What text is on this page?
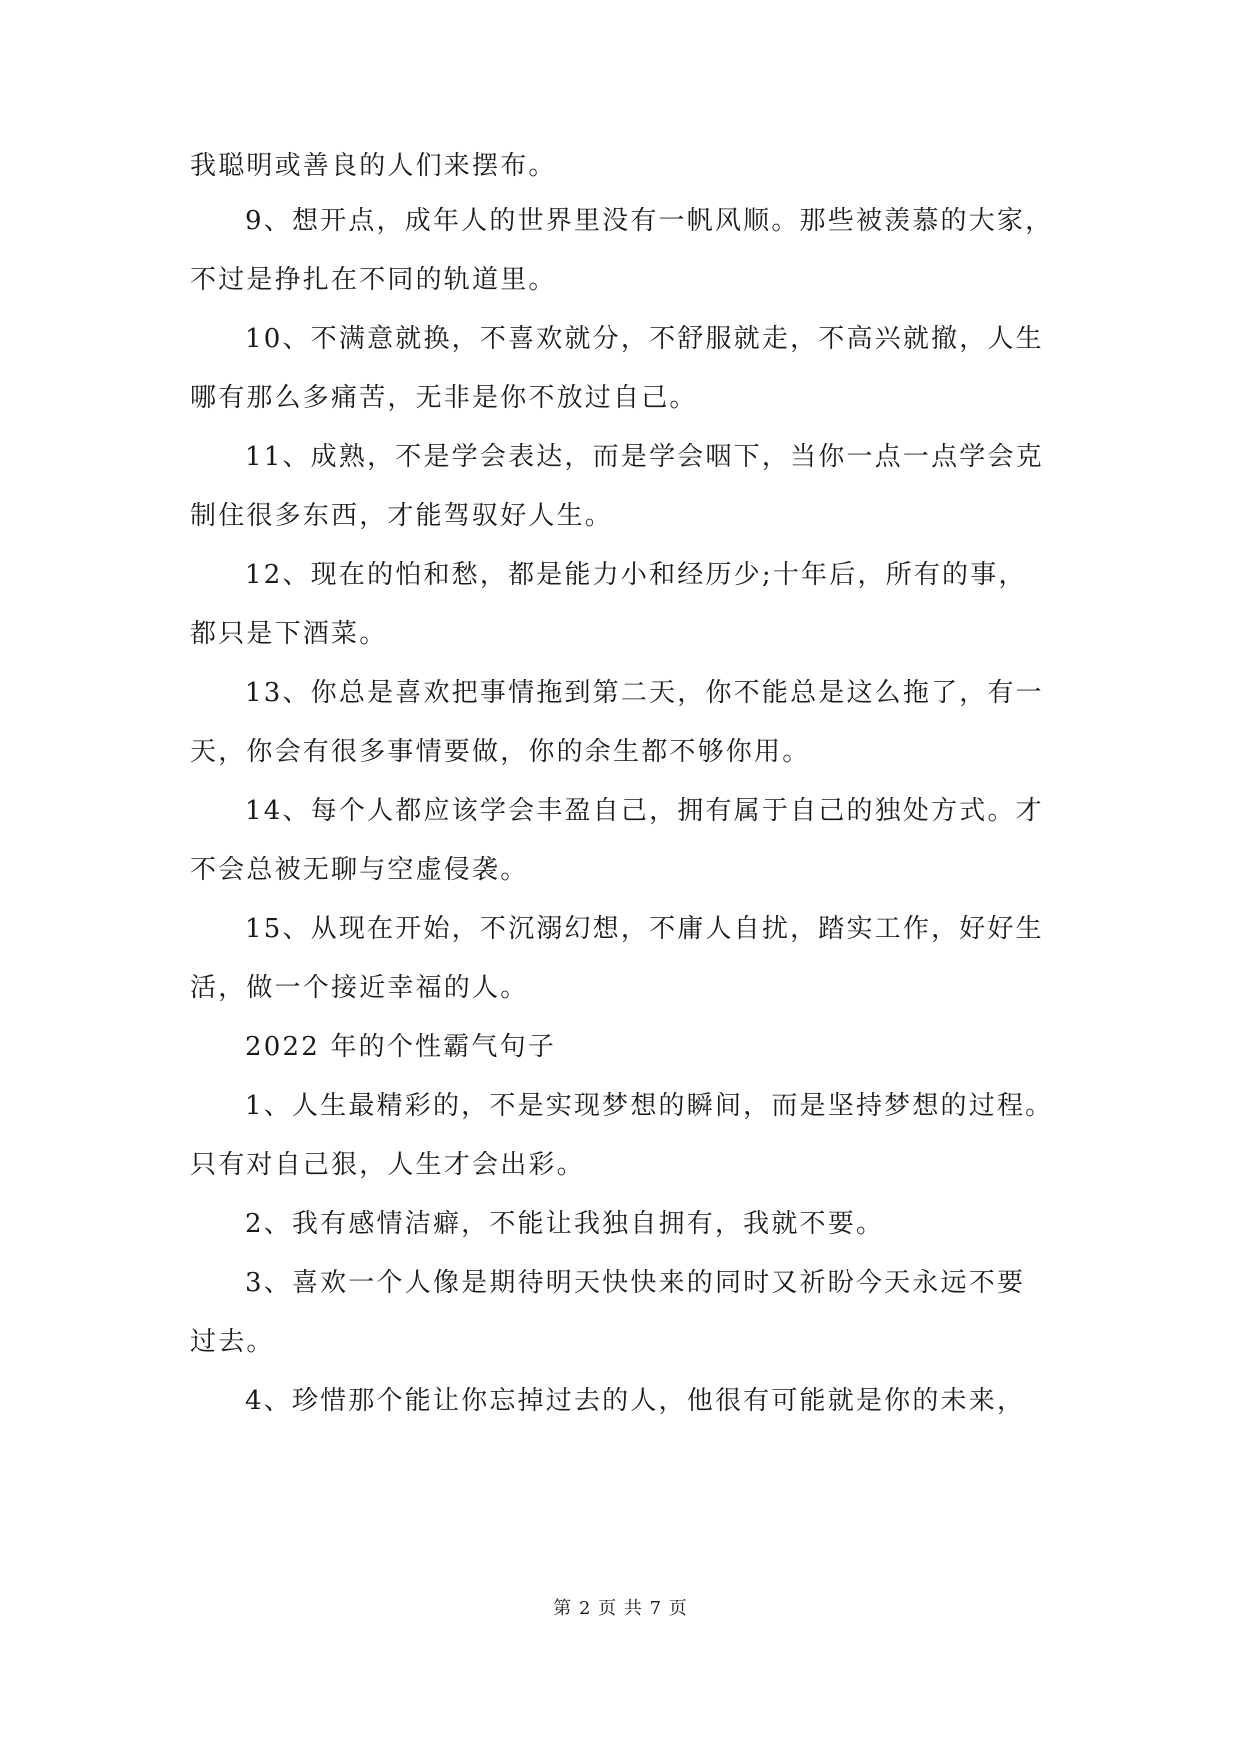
我聪明或善良的人们来摆布。
9、想开点，成年人的世界里没有一帆风顺。那些被羡慕的大家，
不过是挣扎在不同的轨道里。
10、不满意就换，不喜欢就分，不舒服就走，不高兴就撤，人生
哪有那么多痛苦，无非是你不放过自己。
11、成熟，不是学会表达，而是学会咽下，当你一点一点学会克
制住很多东西，才能驾驭好人生。
12、现在的怕和愁，都是能力小和经历少;十年后，所有的事，
都只是下酒菜。
13、你总是喜欢把事情拖到第二天，你不能总是这么拖了，有一
天，你会有很多事情要做，你的余生都不够你用。
14、每个人都应该学会丰盈自己，拥有属于自己的独处方式。才
不会总被无聊与空虚侵袭。
15、从现在开始，不沉溺幻想，不庸人自扰，踏实工作，好好生
活，做一个接近幸福的人。
2022 年的个性霸气句子
1、人生最精彩的，不是实现梦想的瞬间，而是坚持梦想的过程。
只有对自己狠，人生才会出彩。
2、我有感情洁癖，不能让我独自拥有，我就不要。
3、喜欢一个人像是期待明天快快来的同时又祈盼今天永远不要
过去。
4、珍惜那个能让你忘掉过去的人，他很有可能就是你的未来，
第 2 页 共 7 页
